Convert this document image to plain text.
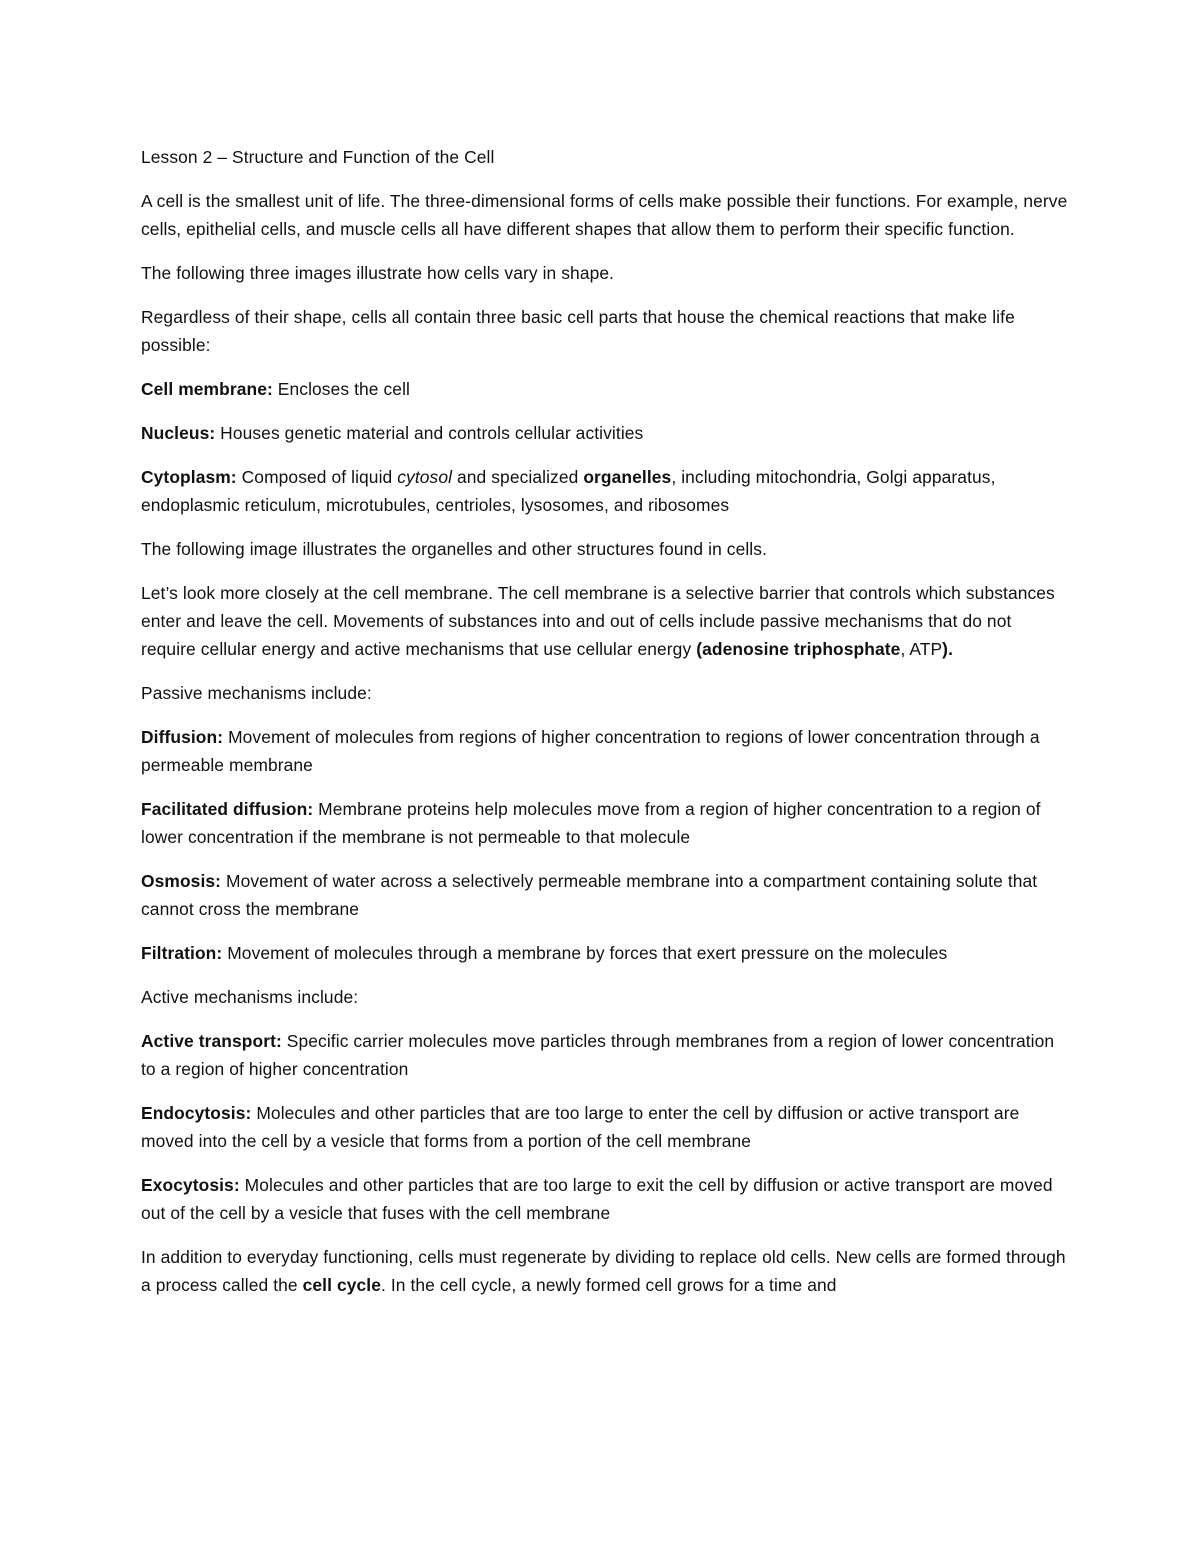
Lesson 2 – Structure and Function of the Cell

A cell is the smallest unit of life. The three-dimensional forms of cells make possible their functions. For example, nerve cells, epithelial cells, and muscle cells all have different shapes that allow them to perform their specific function.

The following three images illustrate how cells vary in shape.

Regardless of their shape, cells all contain three basic cell parts that house the chemical reactions that make life possible:

Cell membrane: Encloses the cell

Nucleus: Houses genetic material and controls cellular activities

Cytoplasm: Composed of liquid cytosol and specialized organelles, including mitochondria, Golgi apparatus, endoplasmic reticulum, microtubules, centrioles, lysosomes, and ribosomes

The following image illustrates the organelles and other structures found in cells.

Let’s look more closely at the cell membrane. The cell membrane is a selective barrier that controls which substances enter and leave the cell. Movements of substances into and out of cells include passive mechanisms that do not require cellular energy and active mechanisms that use cellular energy (adenosine triphosphate, ATP).

Passive mechanisms include:

Diffusion: Movement of molecules from regions of higher concentration to regions of lower concentration through a permeable membrane

Facilitated diffusion: Membrane proteins help molecules move from a region of higher concentration to a region of lower concentration if the membrane is not permeable to that molecule

Osmosis: Movement of water across a selectively permeable membrane into a compartment containing solute that cannot cross the membrane

Filtration: Movement of molecules through a membrane by forces that exert pressure on the molecules

Active mechanisms include:

Active transport: Specific carrier molecules move particles through membranes from a region of lower concentration to a region of higher concentration

Endocytosis: Molecules and other particles that are too large to enter the cell by diffusion or active transport are moved into the cell by a vesicle that forms from a portion of the cell membrane

Exocytosis: Molecules and other particles that are too large to exit the cell by diffusion or active transport are moved out of the cell by a vesicle that fuses with the cell membrane

In addition to everyday functioning, cells must regenerate by dividing to replace old cells. New cells are formed through a process called the cell cycle. In the cell cycle, a newly formed cell grows for a time and
